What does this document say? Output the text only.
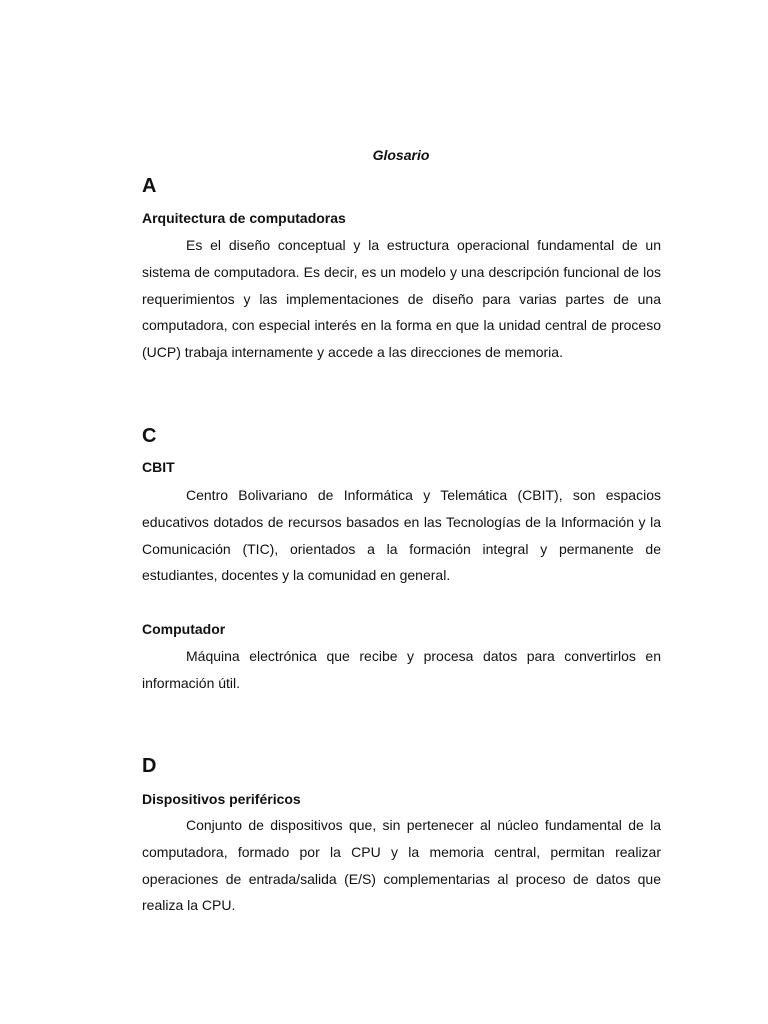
Glosario
A
Arquitectura de computadoras

Es el diseño conceptual y la estructura operacional fundamental de un sistema de computadora. Es decir, es un modelo y una descripción funcional de los requerimientos y las implementaciones de diseño para varias partes de una computadora, con especial interés en la forma en que la unidad central de proceso (UCP) trabaja internamente y accede a las direcciones de memoria.

C
CBIT

Centro Bolivariano de Informática y Telemática (CBIT), son espacios educativos dotados de recursos basados en las Tecnologías de la Información y la Comunicación (TIC), orientados a la formación integral y permanente de estudiantes, docentes y la comunidad en general.

Computador

Máquina electrónica que recibe y procesa datos para convertirlos en información útil.

D
Dispositivos periféricos

Conjunto de dispositivos que, sin pertenecer al núcleo fundamental de la computadora, formado por la CPU y la memoria central, permitan realizar operaciones de entrada/salida (E/S) complementarias al proceso de datos que realiza la CPU.
